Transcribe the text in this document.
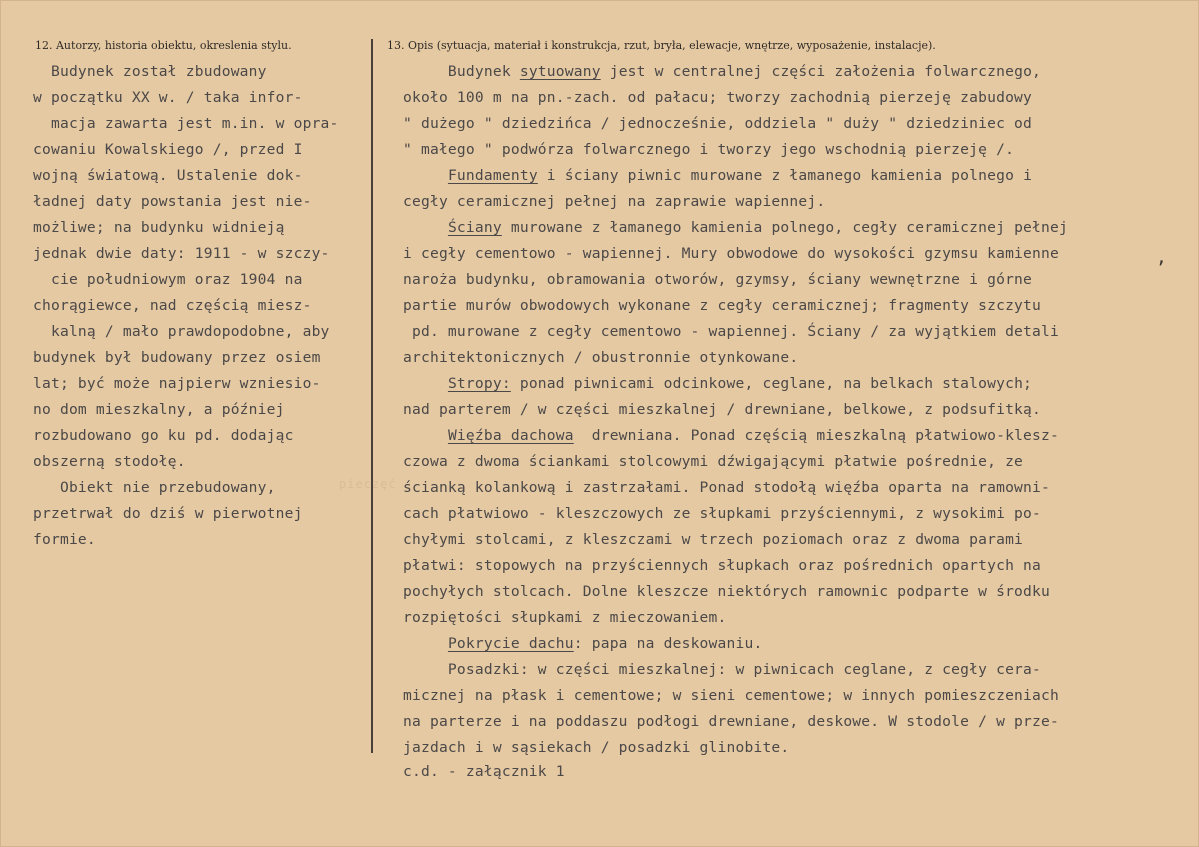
12. Autorzy, historia obiektu, okreslenia stylu.	13. Opis (sytuacja, materiał i konstrukcja, rzut, bryła, elewacje, wnętrze, wyposażenie, instalacje).
Budynek został zbudowany
w początku XX w. / taka infor-
macja zawarta jest m.in. w opra-
cowaniu Kowalskiego /, przed I
wojną światową. Ustalenie dok-
ładnej daty powstania jest nie-
możliwe; na budynku widnieją
jednak dwie daty: 1911 - w szczy-
cie południowym oraz 1904 na
chorągiewce, nad częścią miesz-
kalną / mało prawdopodobne, aby
budynek był budowany przez osiem
lat; być może najpierw wzniesio-
no dom mieszkalny, a później
rozbudowano go ku pd. dodając
obszerną stodołę.
Obiekt nie przebudowany,
przetrwał do dziś w pierwotnej
formie.
Budynek sytuowany jest w centralnej części założenia folwarcznego,
około 100 m na pn.-zach. od pałacu; tworzy zachodnią pierzeję zabudowy
" dużego " dziedzińca / jednocześnie, oddziela " duży " dziedziniec od
" małego " podwórza folwarcznego i tworzy jego wschodnią pierzeję /.
Fundamenty i ściany piwnic murowane z łamanego kamienia polnego i
cegły ceramicznej pełnej na zaprawie wapiennej.
Ściany murowane z łamanego kamienia polnego, cegły ceramicznej pełnej
i cegły cementowo - wapiennej. Mury obwodowe do wysokości gzymsu kamienne
naroża budynku, obramowania otworów, gzymsy, ściany wewnętrzne i górne
partie murów obwodowych wykonane z cegły ceramicznej; fragmenty szczytu
pd. murowane z cegły cementowo - wapiennej. Ściany / za wyjątkiem detali
architektonicznych / obustronnie otynkowane.
Stropy: ponad piwnicami odcinkowe, ceglane, na belkach stalowych;
nad parterem / w części mieszkalnej / drewniane, belkowe, z podsufitką.
Więźba dachowa  drewniana. Ponad częścią mieszkalną płatwiowo-klesz-
czowa z dwoma ściankami stolcowymi dźwigającymi płatwie pośrednie, ze
ścianką kolankową i zastrzałami. Ponad stodołą więźba oparta na ramowni-
cach płatwiowo - kleszczowych ze słupkami przyściennymi, z wysokimi po-
chyłymi stolcami, z kleszczami w trzech poziomach oraz z dwoma parami
płatwi: stopowych na przyściennych słupkach oraz pośrednich opartych na
pochyłych stolcach. Dolne kleszcze niektórych ramownic podparte w środku
rozpiętości słupkami z mieczowaniem.
Pokrycie dachu: papa na deskowaniu.
Posadzki: w części mieszkalnej: w piwnicach ceglane, z cegły cera-
micznej na płask i cementowe; w sieni cementowe; w innych pomieszczeniach
na parterze i na poddaszu podłogi drewniane, deskowe. W stodole / w prze-
jazdach i w sąsiekach / posadzki glinobite.
c.d. - załącznik 1
pieczęć
,
